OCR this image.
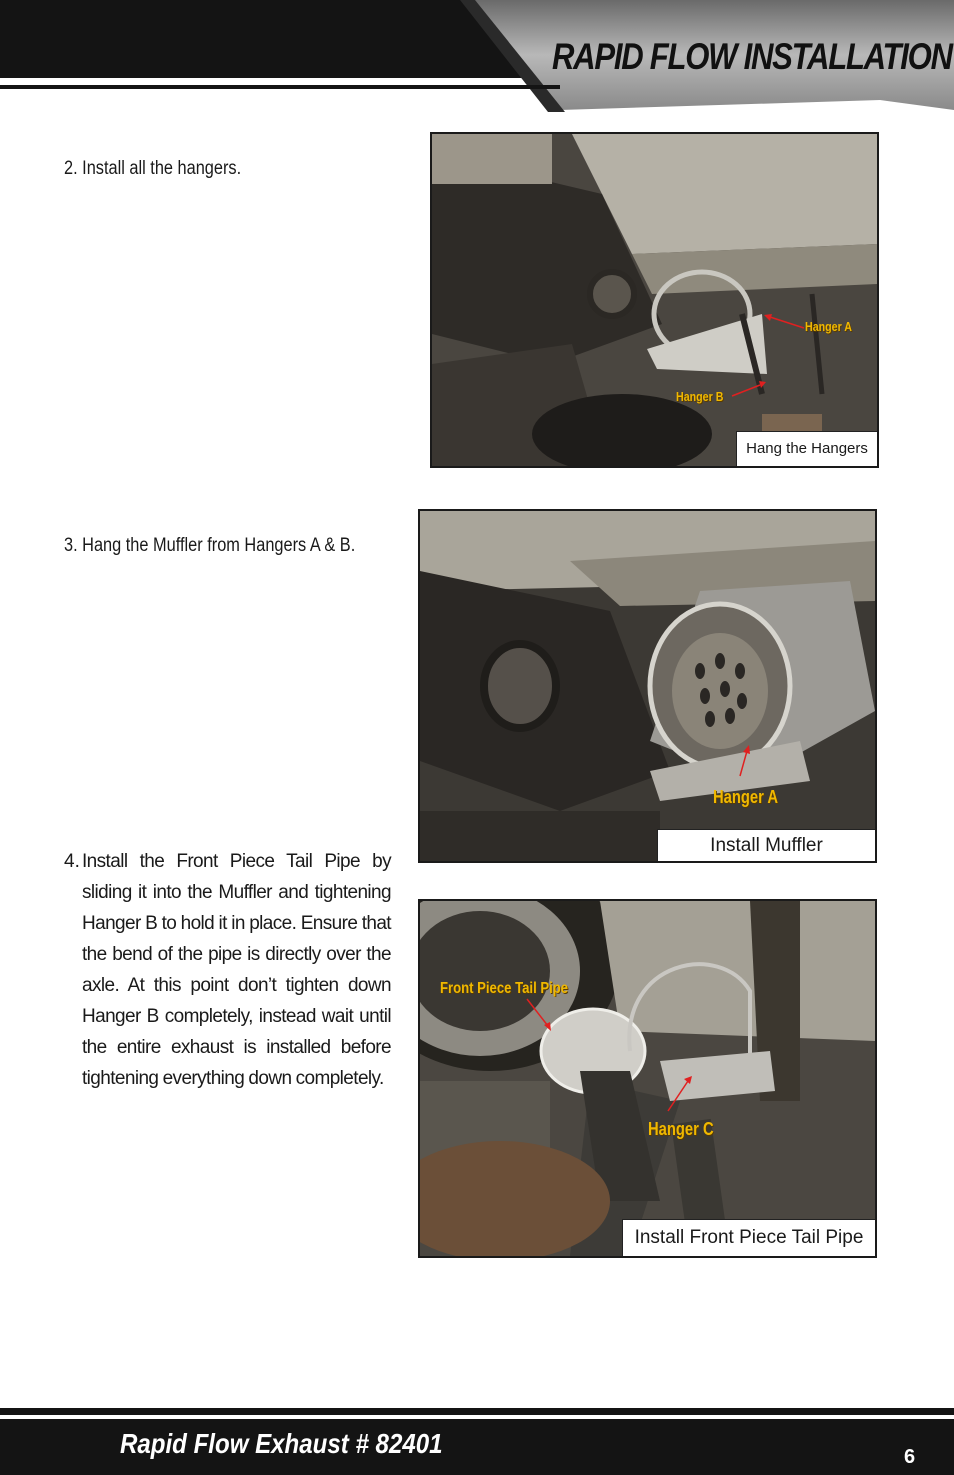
RAPID FLOW INSTALLATION
2. Install all the hangers.
3. Hang the Muffler from Hangers A & B.
4. Install the Front Piece Tail Pipe by sliding it into the Muffler and tightening Hanger B to hold it in place. Ensure that the bend of the pipe is directly over the axle. At this point don’t tighten down Hanger B completely, instead wait until the entire exhaust is installed before tightening everything down completely.
Hanger A
Hanger B
Hang the Hangers
Hanger A
Install Muffler
Front Piece Tail Pipe
Hanger C
Install Front Piece Tail Pipe
Rapid Flow Exhaust # 82401	6
